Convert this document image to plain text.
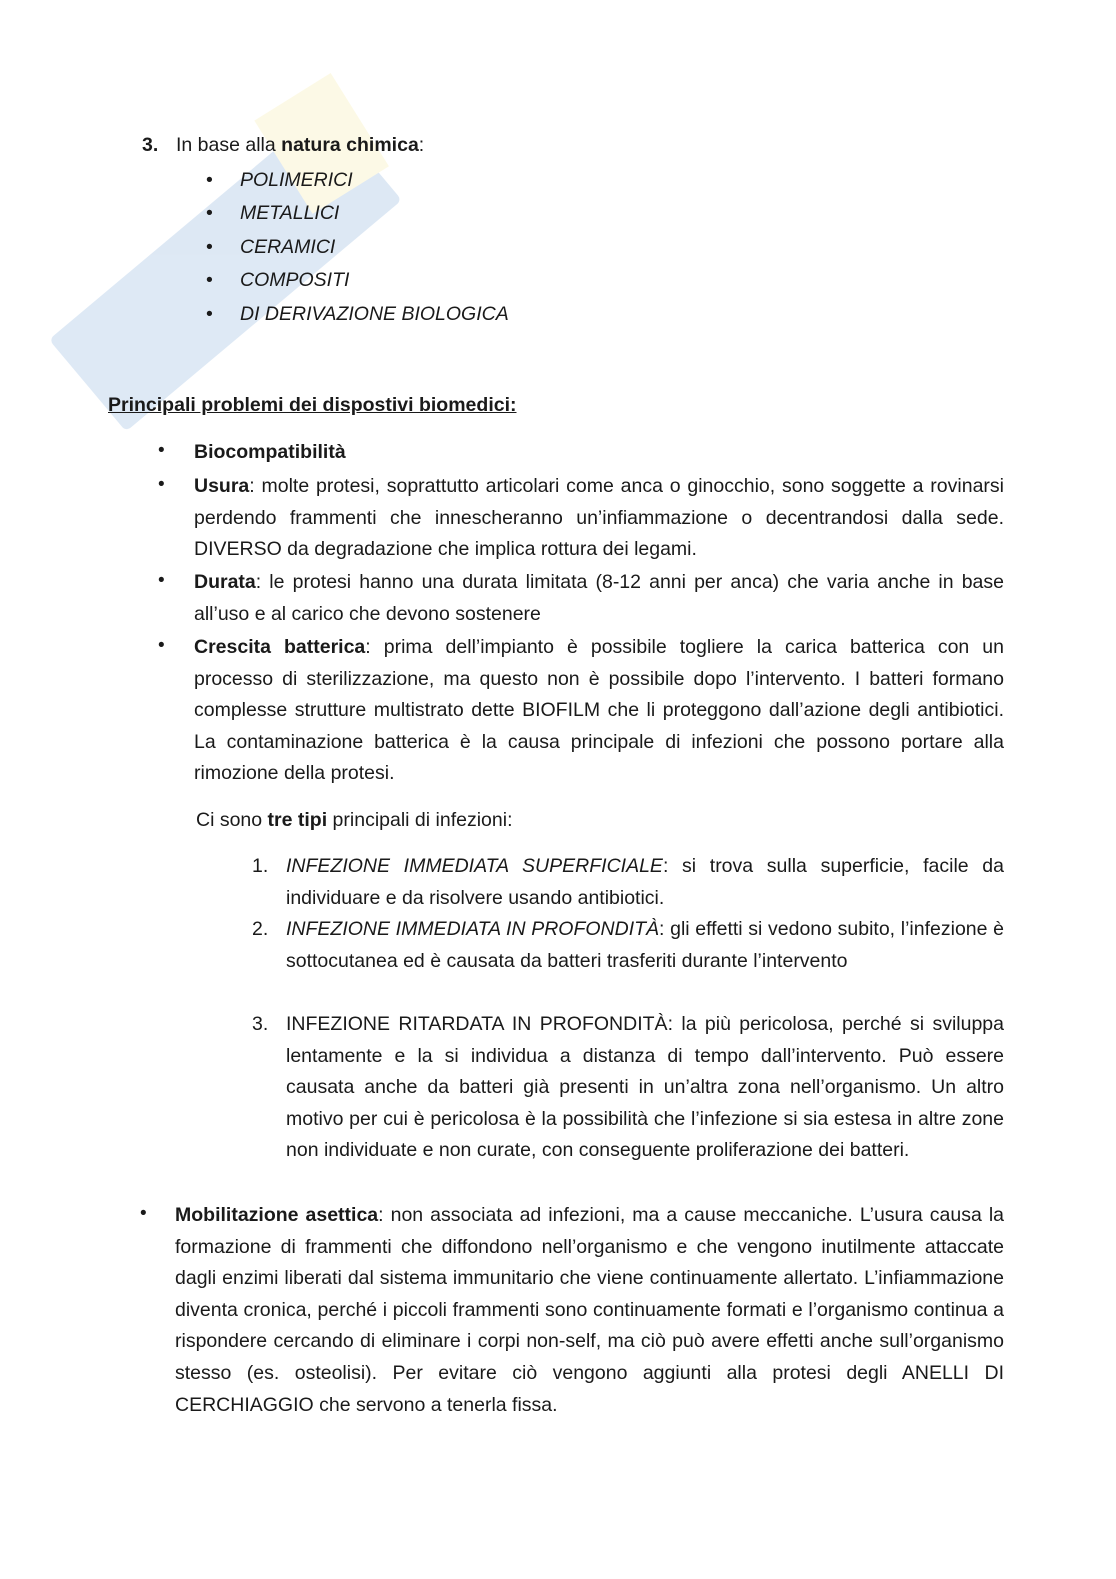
3. In base alla natura chimica:
• POLIMERICI
• METALLICI
• CERAMICI
• COMPOSITI
• DI DERIVAZIONE BIOLOGICA
Principali problemi dei dispostivi biomedici:
• Biocompatibilità
• Usura: molte protesi, soprattutto articolari come anca o ginocchio, sono soggette a rovinarsi perdendo frammenti che innescheranno un’infiammazione o decentrandosi dalla sede. DIVERSO da degradazione che implica rottura dei legami.
• Durata: le protesi hanno una durata limitata (8-12 anni per anca) che varia anche in base all’uso e al carico che devono sostenere
• Crescita batterica: prima dell’impianto è possibile togliere la carica batterica con un processo di sterilizzazione, ma questo non è possibile dopo l’intervento. I batteri formano complesse strutture multistrato dette BIOFILM che li proteggono dall’azione degli antibiotici. La contaminazione batterica è la causa principale di infezioni che possono portare alla rimozione della protesi.
Ci sono tre tipi principali di infezioni:
1. INFEZIONE IMMEDIATA SUPERFICIALE: si trova sulla superficie, facile da individuare e da risolvere usando antibiotici.
2. INFEZIONE IMMEDIATA IN PROFONDITÀ: gli effetti si vedono subito, l’infezione è sottocutanea ed è causata da batteri trasferiti durante l’intervento
3. INFEZIONE RITARDATA IN PROFONDITÀ: la più pericolosa, perché si sviluppa lentamente e la si individua a distanza di tempo dall’intervento. Può essere causata anche da batteri già presenti in un’altra zona nell’organismo. Un altro motivo per cui è pericolosa è la possibilità che l’infezione si sia estesa in altre zone non individuate e non curate, con conseguente proliferazione dei batteri.
• Mobilitazione asettica: non associata ad infezioni, ma a cause meccaniche. L’usura causa la formazione di frammenti che diffondono nell’organismo e che vengono inutilmente attaccate dagli enzimi liberati dal sistema immunitario che viene continuamente allertato. L’infiammazione diventa cronica, perché i piccoli frammenti sono continuamente formati e l’organismo continua a rispondere cercando di eliminare i corpi non-self, ma ciò può avere effetti anche sull’organismo stesso (es. osteolisi). Per evitare ciò vengono aggiunti alla protesi degli ANELLI DI CERCHIAGGIO che servono a tenerla fissa.
